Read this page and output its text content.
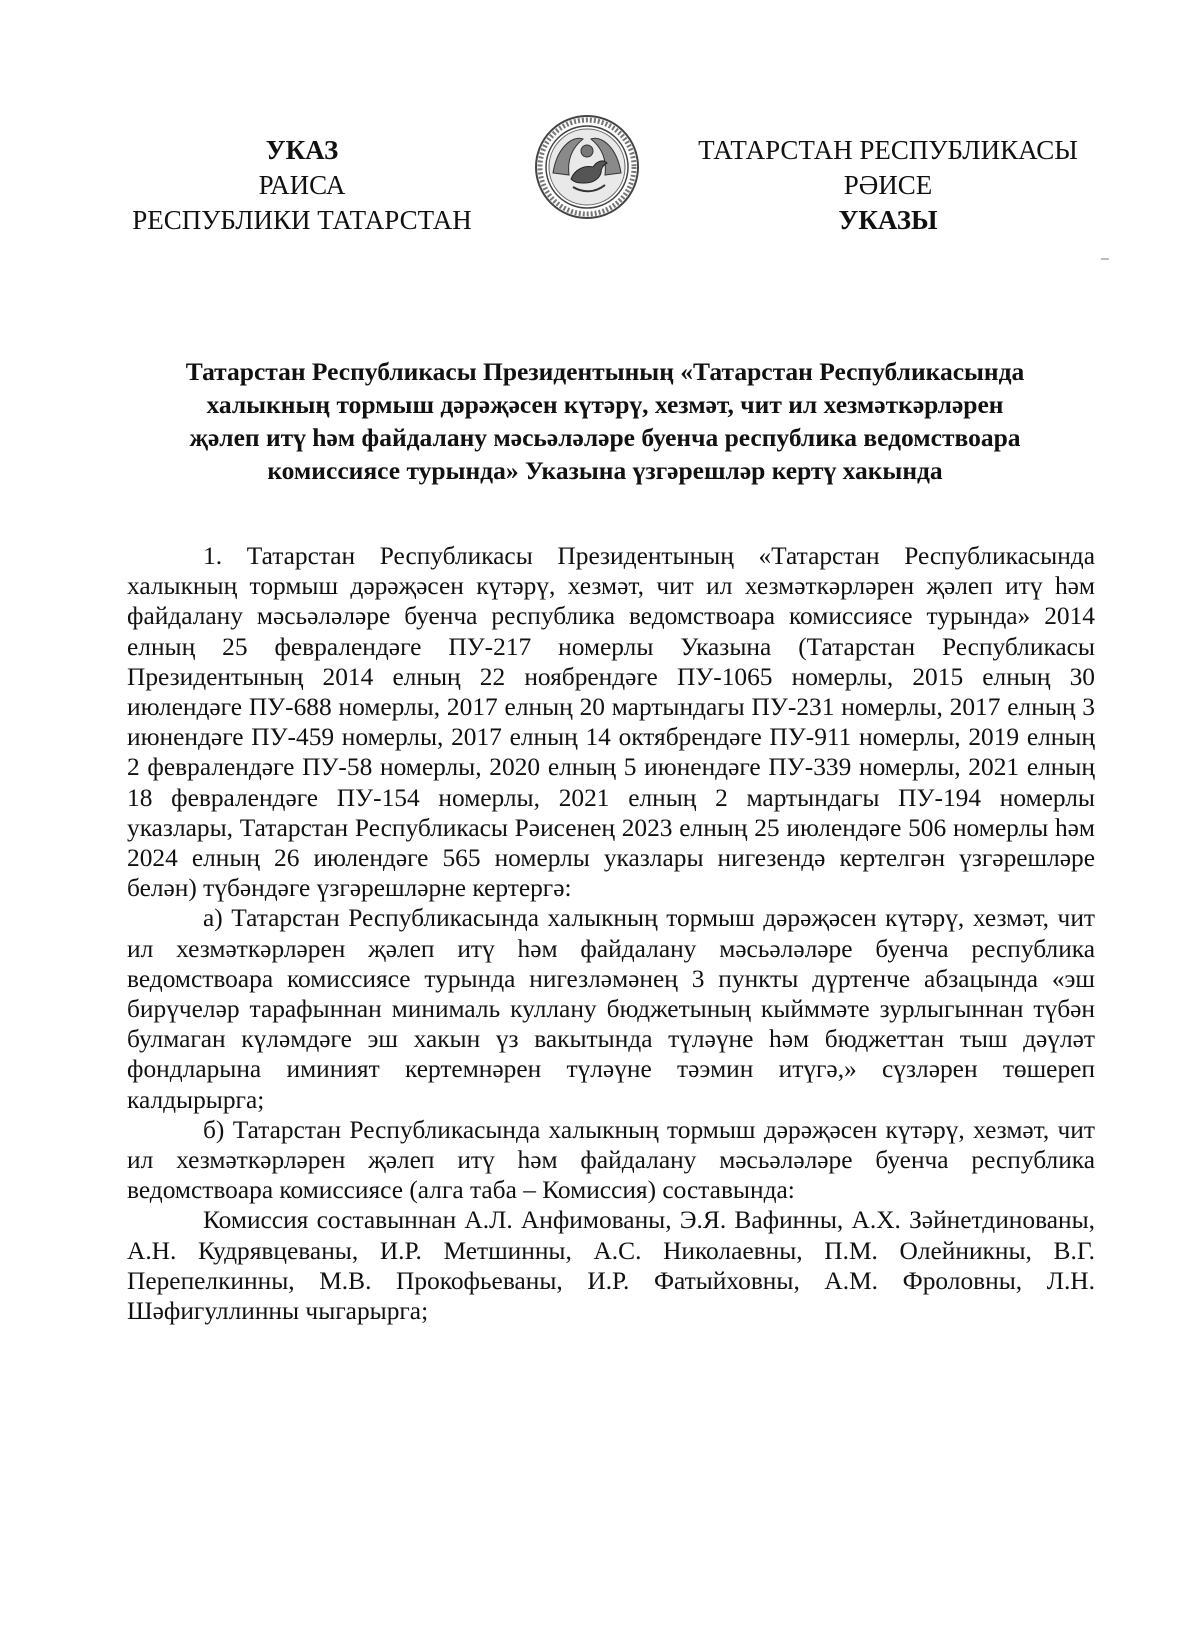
УКАЗ
РАИСА
РЕСПУБЛИКИ ТАТАРСТАН
ТАТАРСТАН РЕСПУБЛИКАСЫ
РӘИСЕ
УКАЗЫ
Татарстан Республикасы Президентының «Татарстан Республикасында
халыкның тормыш дәрәҗәсен күтәрү, хезмәт, чит ил хезмәткәрләрен
җәлеп итү һәм файдалану мәсьәләләре буенча республика ведомствоара
комиссиясе турында» Указына үзгәрешләр кертү хакында

1. Татарстан Республикасы Президентының «Татарстан Республикасында халыкның тормыш дәрәҗәсен күтәрү, хезмәт, чит ил хезмәткәрләрен җәлеп итү һәм файдалану мәсьәләләре буенча республика ведомствоара комиссиясе турында» 2014 елның 25 февралендәге ПУ-217 номерлы Указына (Татарстан Республикасы Президентының 2014 елның 22 ноябрендәге ПУ-1065 номерлы, 2015 елның 30 июлендәге ПУ-688 номерлы, 2017 елның 20 мартындагы ПУ-231 номерлы, 2017 елның 3 июнендәге ПУ-459 номерлы, 2017 елның 14 октябрендәге ПУ-911 номерлы, 2019 елның 2 февралендәге ПУ-58 номерлы, 2020 елның 5 июнендәге ПУ-339 номерлы, 2021 елның 18 февралендәге ПУ-154 номерлы, 2021 елның 2 мартындагы ПУ-194 номерлы указлары, Татарстан Республикасы Рәисенең 2023 елның 25 июлендәге 506 номерлы һәм 2024 елның 26 июлендәге 565 номерлы указлары нигезендә кертелгән үзгәрешләре белән) түбәндәге үзгәрешләрне кертергә:

а) Татарстан Республикасында халыкның тормыш дәрәҗәсен күтәрү, хезмәт, чит ил хезмәткәрләрен җәлеп итү һәм файдалану мәсьәләләре буенча республика ведомствоара комиссиясе турында нигезләмәнең 3 пункты дүртенче абзацында «эш бирүчеләр тарафыннан минималь куллану бюджетының кыйммәте зурлыгыннан түбән булмаган күләмдәге эш хакын үз вакытында түләүне һәм бюджеттан тыш дәүләт фондларына иминият кертемнәрен түләүне тәэмин итүгә,» сүзләрен төшереп калдырырга;

б) Татарстан Республикасында халыкның тормыш дәрәҗәсен күтәрү, хезмәт, чит ил хезмәткәрләрен җәлеп итү һәм файдалану мәсьәләләре буенча республика ведомствоара комиссиясе (алга таба – Комиссия) составында:

Комиссия составыннан А.Л. Анфимованы, Э.Я. Вафинны, А.Х. Зәйнетдинованы, А.Н. Кудрявцеваны, И.Р. Метшинны, А.С. Николаевны, П.М. Олейникны, В.Г. Перепелкинны, М.В. Прокофьеваны, И.Р. Фатыйховны, А.М. Фроловны, Л.Н. Шәфигуллинны чыгарырга;
